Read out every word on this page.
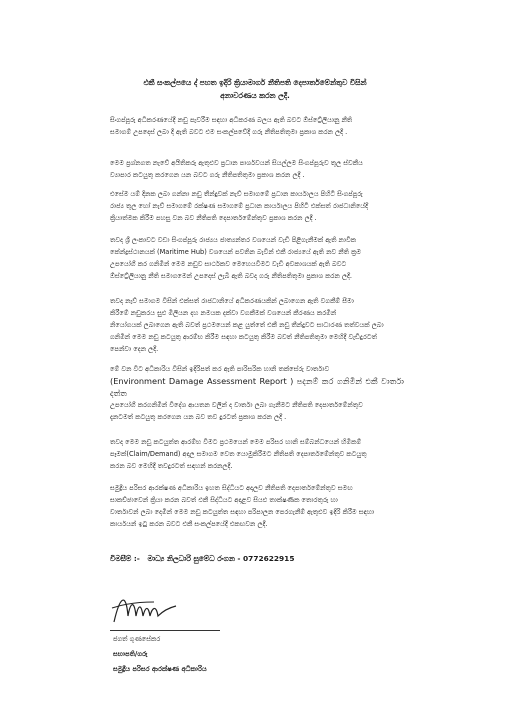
එකී සංකල්පයෙ ද් පහත ඉදිරි ක්‍රියාමාර්ග නීතිපති දෙපාර්තමේන්තුව විසින්
අනාවරණය කරන ලදී.
සිංගප්පූරු අධිකරණයේදී නඩු පැවරීම සඳහා අධිකරණ බලය ඇති බවට ඕස්ට්‍රේලියානු නීති
සමාගම් උපදෙස් ලබා දී ඇති බවට එම සංකල්පවේදී ගරු නීතිපතිතුමා ප්‍රකාශ කරන ලදී .
මෙම ප්‍රශ්නගත නැවේ අයිතිකරු ඇතුළුව ප්‍රධාන පාර්ශවයන් සියල්ලම සිංගප්පූරුව තුල ස්වකීය
ව්‍යාපාර කටයුතු කරගෙන යන බවට ගරු නීතිපතිතුමා ප්‍රකාශ කරන ලදී .
එසේම යම් දිනක ලබා ගන්නා නඩු තීන්දුවක් නැව් සමාගමේ ප්‍රධාන කාර්යාලය පිහිටි සිංගප්පූරු
රාජ්‍ය තුල හෝ නැව් සමාගමේ රක්ෂණ සමාගමේ ප්‍රධාන කාර්යාලය පිහිටි එක්සත් රාජධානියේදී
ක්‍රියාත්මක කිරීම පහසු වන බව නීතිපති දෙපාර්තමේන්තුව ප්‍රකාශ කරන ලදී .
තවද ශ්‍රී ලංකාවට වඩා සිංගප්පූරු රාජ්‍යය ජාත්‍යන්තර වශයෙන් වැඩි පිළිගැනීමක් ඇති නාවික
කේන්ද්‍රස්ථානයක් (Maritime Hub) වශයෙන් පවතින බැවින් එකී රාජ්‍යයේ ඇති නව නීති ක්‍රම
උපයෝගී කර ගනිමින් මෙම නඩුව සාර්ථකව මෙහෙයවීමට වැඩි අවකාශයක් ඇති බවට
ඕස්ට්‍රේලියානු නීති සමාගමෙන් උපදෙස් ලැබී ඇති බවද ගරු නීතිපතිතුමා ප්‍රකාශ කරන ලදී.
තවද නැව් සමාගම විසින් එක්සත් රාජධානියේ අධිකරණයකින් ලබාගෙන ඇති වගකීම් සීමා
කිරීමේ නඩුකරය සුළු මිලියන දහ නමයක දක්වා වගකීමක් වශයෙන් කීරණය කරමින්
නියෝගයක් ලබාගෙන ඇති බවත් ප්‍රථමයෙන් කළ යුත්තේ එකී නඩු තීන්දුවට සාධාරණ තත්වයක් ලබා
ගනිමින් මෙම නඩු කටයුතු ආරම්භ කිරීම සඳහා කටයුතු කිරීම බවත් නීතිපතිතුමා මෙහිදී වැඩිදුරටත්
පෙන්වා දෙන ලදී.
මේ වන විට අධිකාරිය විසින් ඉදිරිපත් කර ඇති පාරිසරික හානි තක්සේරු වාර්තාව
(Environment Damage Assessment Report ) පදනම් කර ගනිමින් එකී වාර්තා දත්ත
උපයෝගී කරගනිමින් විදේශ ආයතන වලින් ද වාර්තා ලබා ගැනීමට නීතිපති දෙපාර්තමේන්තුව
දැනටමත් කටයුතු කරගෙන යන බව තව දුරටත් ප්‍රකාශ කරන ලදී .
තවද මෙම නඩු කටයුත්ත ආරම්භ වීමට ප්‍රථමයෙන් මෙම පරිසර හානි සම්බන්ධයෙන් හිමිකම්
පෑමක්(Claim/Demand) අදාල සමාගම වෙත යොමුකිරීමට නීතිපති දෙපාර්තමේන්තුව කටයුතු
කරන බව මෙහිදී තවදුරටත් සඳහන් කරනලදී.
සමුද්‍රීය පරිසර ආරක්ෂණ අධිකාරිය ඉහත සිද්ධියට අදාලව නීතිපති දෙපාර්තමේන්තුව සමඟ
සාකච්ඡාවෙන් ක්‍රියා කරන බවත් එකී සිද්ධියට අදාළව සියළු තාක්ෂණික තොරතුරු හා
වාර්තාවන් ලබා දෙමින් මෙම නඩු කටයුත්ත සඳහා පරිපාලන පෙරගැනීම් ඇතුළුව ඉදිරි කිරීම සඳහා
කාර්යයන් ඉටු කරන බවට එකී සංකල්පයේදී එකඟවන ලදී.
විමසීම් :- මාධ්‍ය නිලධාරි සුමේධ රංගන - 0772622915
ජගත් ගුණසේකර
සභාපති/ගරු
සමුද්‍රීය පරිසර ආරක්ෂණ අධිකාරිය
